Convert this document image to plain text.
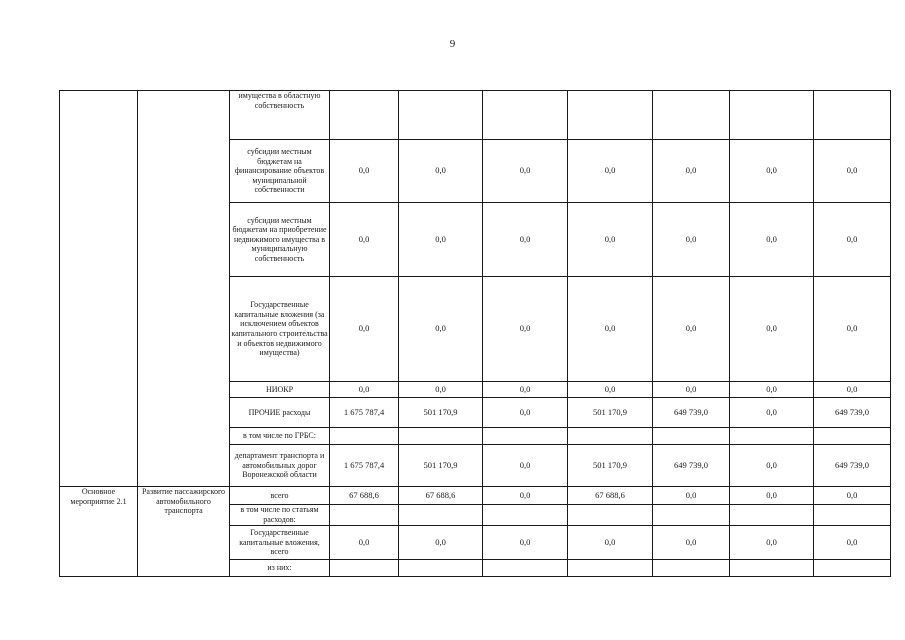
9
		имущества в областную собственность							
		субсидии местным бюджетам на финансирование объектов муниципальной собственности	0,0	0,0	0,0	0,0	0,0	0,0	0,0
		субсидии местным бюджетам на приобретение недвижимого имущества в муниципальную собственность	0,0	0,0	0,0	0,0	0,0	0,0	0,0
		Государственные капитальные вложения (за исключением объектов капитального строительства и объектов недвижимого имущества)	0,0	0,0	0,0	0,0	0,0	0,0	0,0
		НИОКР	0,0	0,0	0,0	0,0	0,0	0,0	0,0
		ПРОЧИЕ расходы	1 675 787,4	501 170,9	0,0	501 170,9	649 739,0	0,0	649 739,0
		в том числе по ГРБС:							
		департамент транспорта и автомобильных дорог Воронежской области	1 675 787,4	501 170,9	0,0	501 170,9	649 739,0	0,0	649 739,0
Основное мероприятие 2.1	Развитие пассажирского автомобильного транспорта	всего	67 688,6	67 688,6	0,0	67 688,6	0,0	0,0	0,0
		в том числе по статьям расходов:							
		Государственные капитальные вложения, всего	0,0	0,0	0,0	0,0	0,0	0,0	0,0
		из них:							
